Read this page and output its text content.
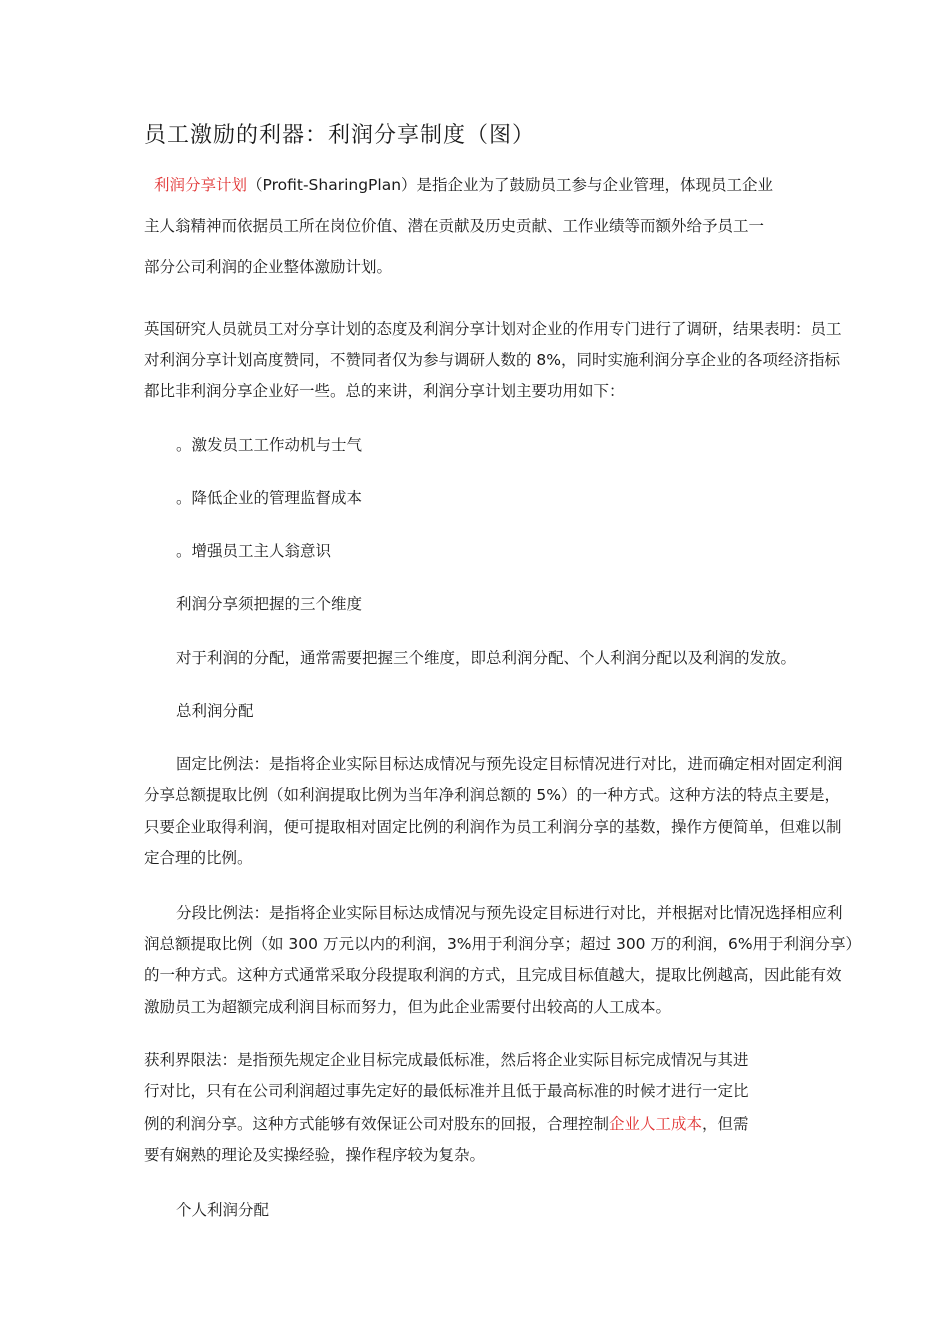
员工激励的利器：利润分享制度（图）

利润分享计划（Profit-SharingPlan）是指企业为了鼓励员工参与企业管理，体现员工企业

主人翁精神而依据员工所在岗位价值、潜在贡献及历史贡献、工作业绩等而额外给予员工一

部分公司利润的企业整体激励计划。

英国研究人员就员工对分享计划的态度及利润分享计划对企业的作用专门进行了调研，结果表明：员工

对利润分享计划高度赞同，不赞同者仅为参与调研人数的 8%，同时实施利润分享企业的各项经济指标

都比非利润分享企业好一些。总的来讲，利润分享计划主要功用如下：

。激发员工工作动机与士气

。降低企业的管理监督成本

。增强员工主人翁意识

利润分享须把握的三个维度

对于利润的分配，通常需要把握三个维度，即总利润分配、个人利润分配以及利润的发放。

总利润分配

固定比例法：是指将企业实际目标达成情况与预先设定目标情况进行对比，进而确定相对固定利润

分享总额提取比例（如利润提取比例为当年净利润总额的 5%）的一种方式。这种方法的特点主要是，

只要企业取得利润，便可提取相对固定比例的利润作为员工利润分享的基数，操作方便简单，但难以制

定合理的比例。

分段比例法：是指将企业实际目标达成情况与预先设定目标进行对比，并根据对比情况选择相应利

润总额提取比例（如 300 万元以内的利润，3%用于利润分享；超过 300 万的利润，6%用于利润分享）

的一种方式。这种方式通常采取分段提取利润的方式，且完成目标值越大，提取比例越高，因此能有效

激励员工为超额完成利润目标而努力，但为此企业需要付出较高的人工成本。

获利界限法：是指预先规定企业目标完成最低标准，然后将企业实际目标完成情况与其进

行对比，只有在公司利润超过事先定好的最低标准并且低于最高标准的时候才进行一定比

例的利润分享。这种方式能够有效保证公司对股东的回报，合理控制企业人工成本，但需

要有娴熟的理论及实操经验，操作程序较为复杂。

个人利润分配
